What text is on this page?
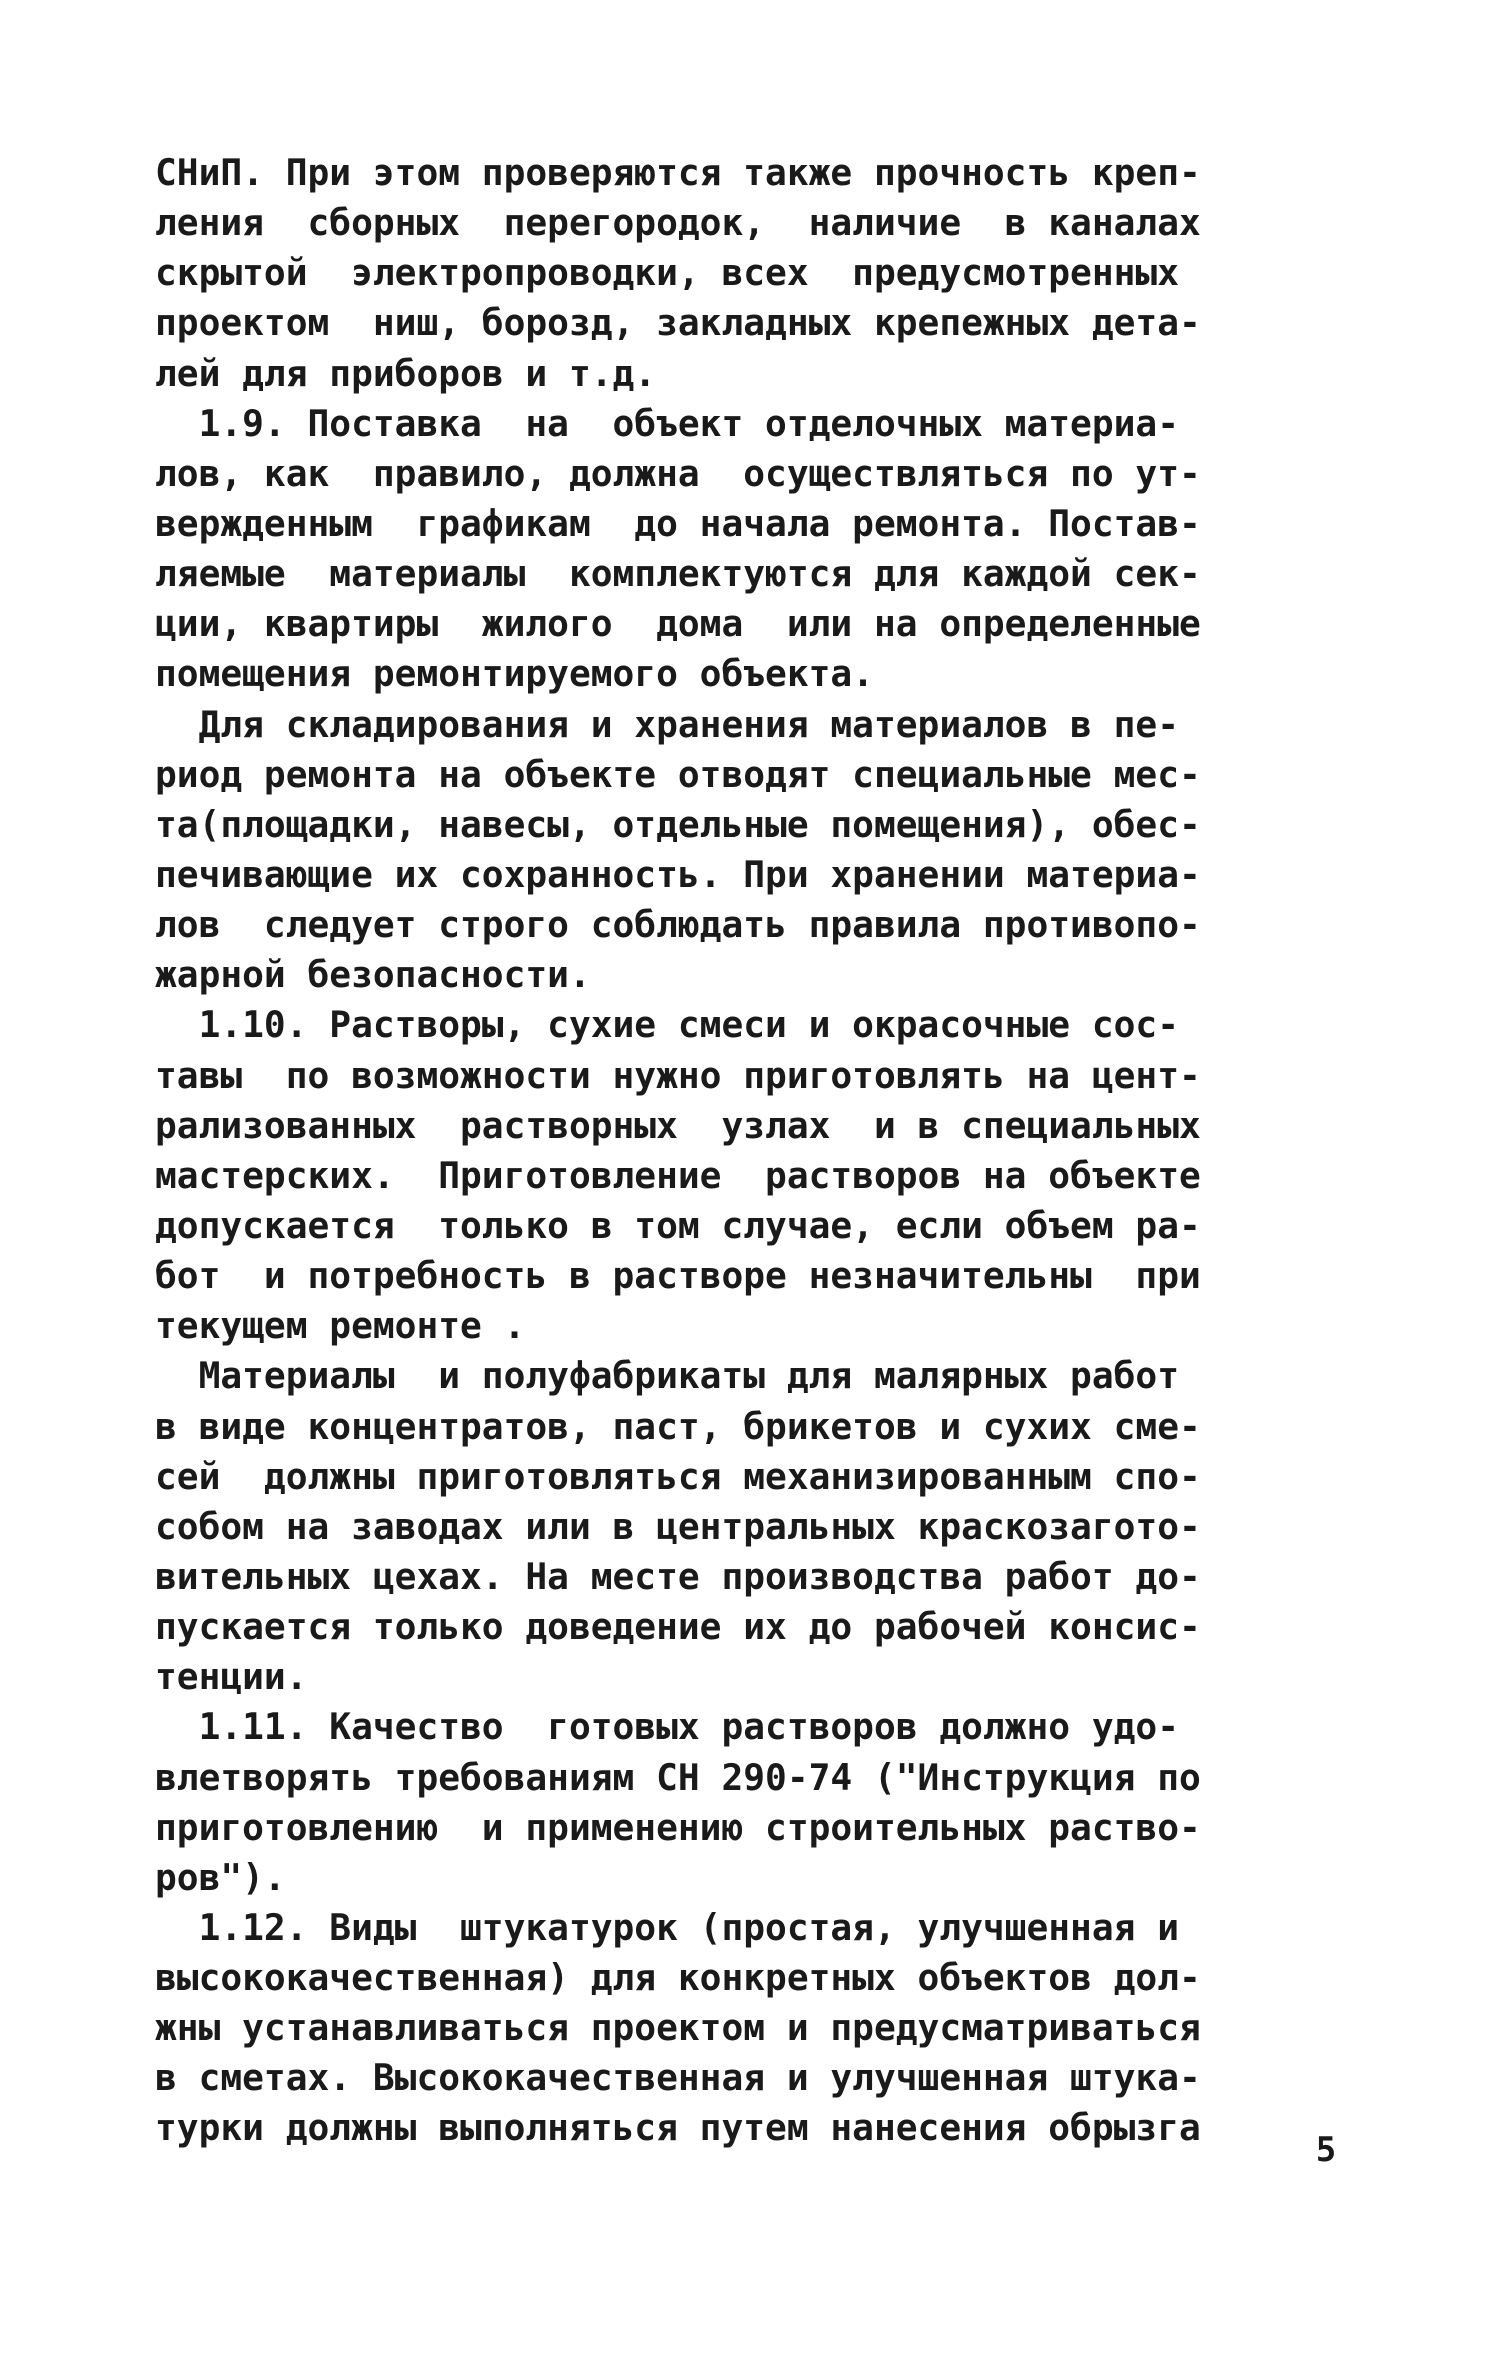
СНиП. При этом проверяются также прочность креп-
ления  сборных  перегородок,  наличие  в каналах
скрытой  электропроводки, всех  предусмотренных
проектом  ниш, борозд, закладных крепежных дета-
лей для приборов и т.д.
1.9. Поставка  на  объект отделочных материа-
лов, как  правило, должна  осуществляться по ут-
вержденным  графикам  до начала ремонта. Постав-
ляемые  материалы  комплектуются для каждой сек-
ции, квартиры  жилого  дома  или на определенные
помещения ремонтируемого объекта.
Для складирования и хранения материалов в пе-
риод ремонта на объекте отводят специальные мес-
та(площадки, навесы, отдельные помещения), обес-
печивающие их сохранность. При хранении материа-
лов  следует строго соблюдать правила противопо-
жарной безопасности.
1.10. Растворы, сухие смеси и окрасочные сос-
тавы  по возможности нужно приготовлять на цент-
рализованных  растворных  узлах  и в специальных
мастерских.  Приготовление  растворов на объекте
допускается  только в том случае, если объем ра-
бот  и потребность в растворе незначительны  при
текущем ремонте .
Материалы  и полуфабрикаты для малярных работ
в виде концентратов, паст, брикетов и сухих сме-
сей  должны приготовляться механизированным спо-
собом на заводах или в центральных краскозагото-
вительных цехах. На месте производства работ до-
пускается только доведение их до рабочей консис-
тенции.
1.11. Качество  готовых растворов должно удо-
влетворять требованиям СН 290-74 ("Инструкция по
приготовлению  и применению строительных раство-
ров").
1.12. Виды  штукатурок (простая, улучшенная и
высококачественная) для конкретных объектов дол-
жны устанавливаться проектом и предусматриваться
в сметах. Высококачественная и улучшенная штука-
турки должны выполняться путем нанесения обрызга
5
